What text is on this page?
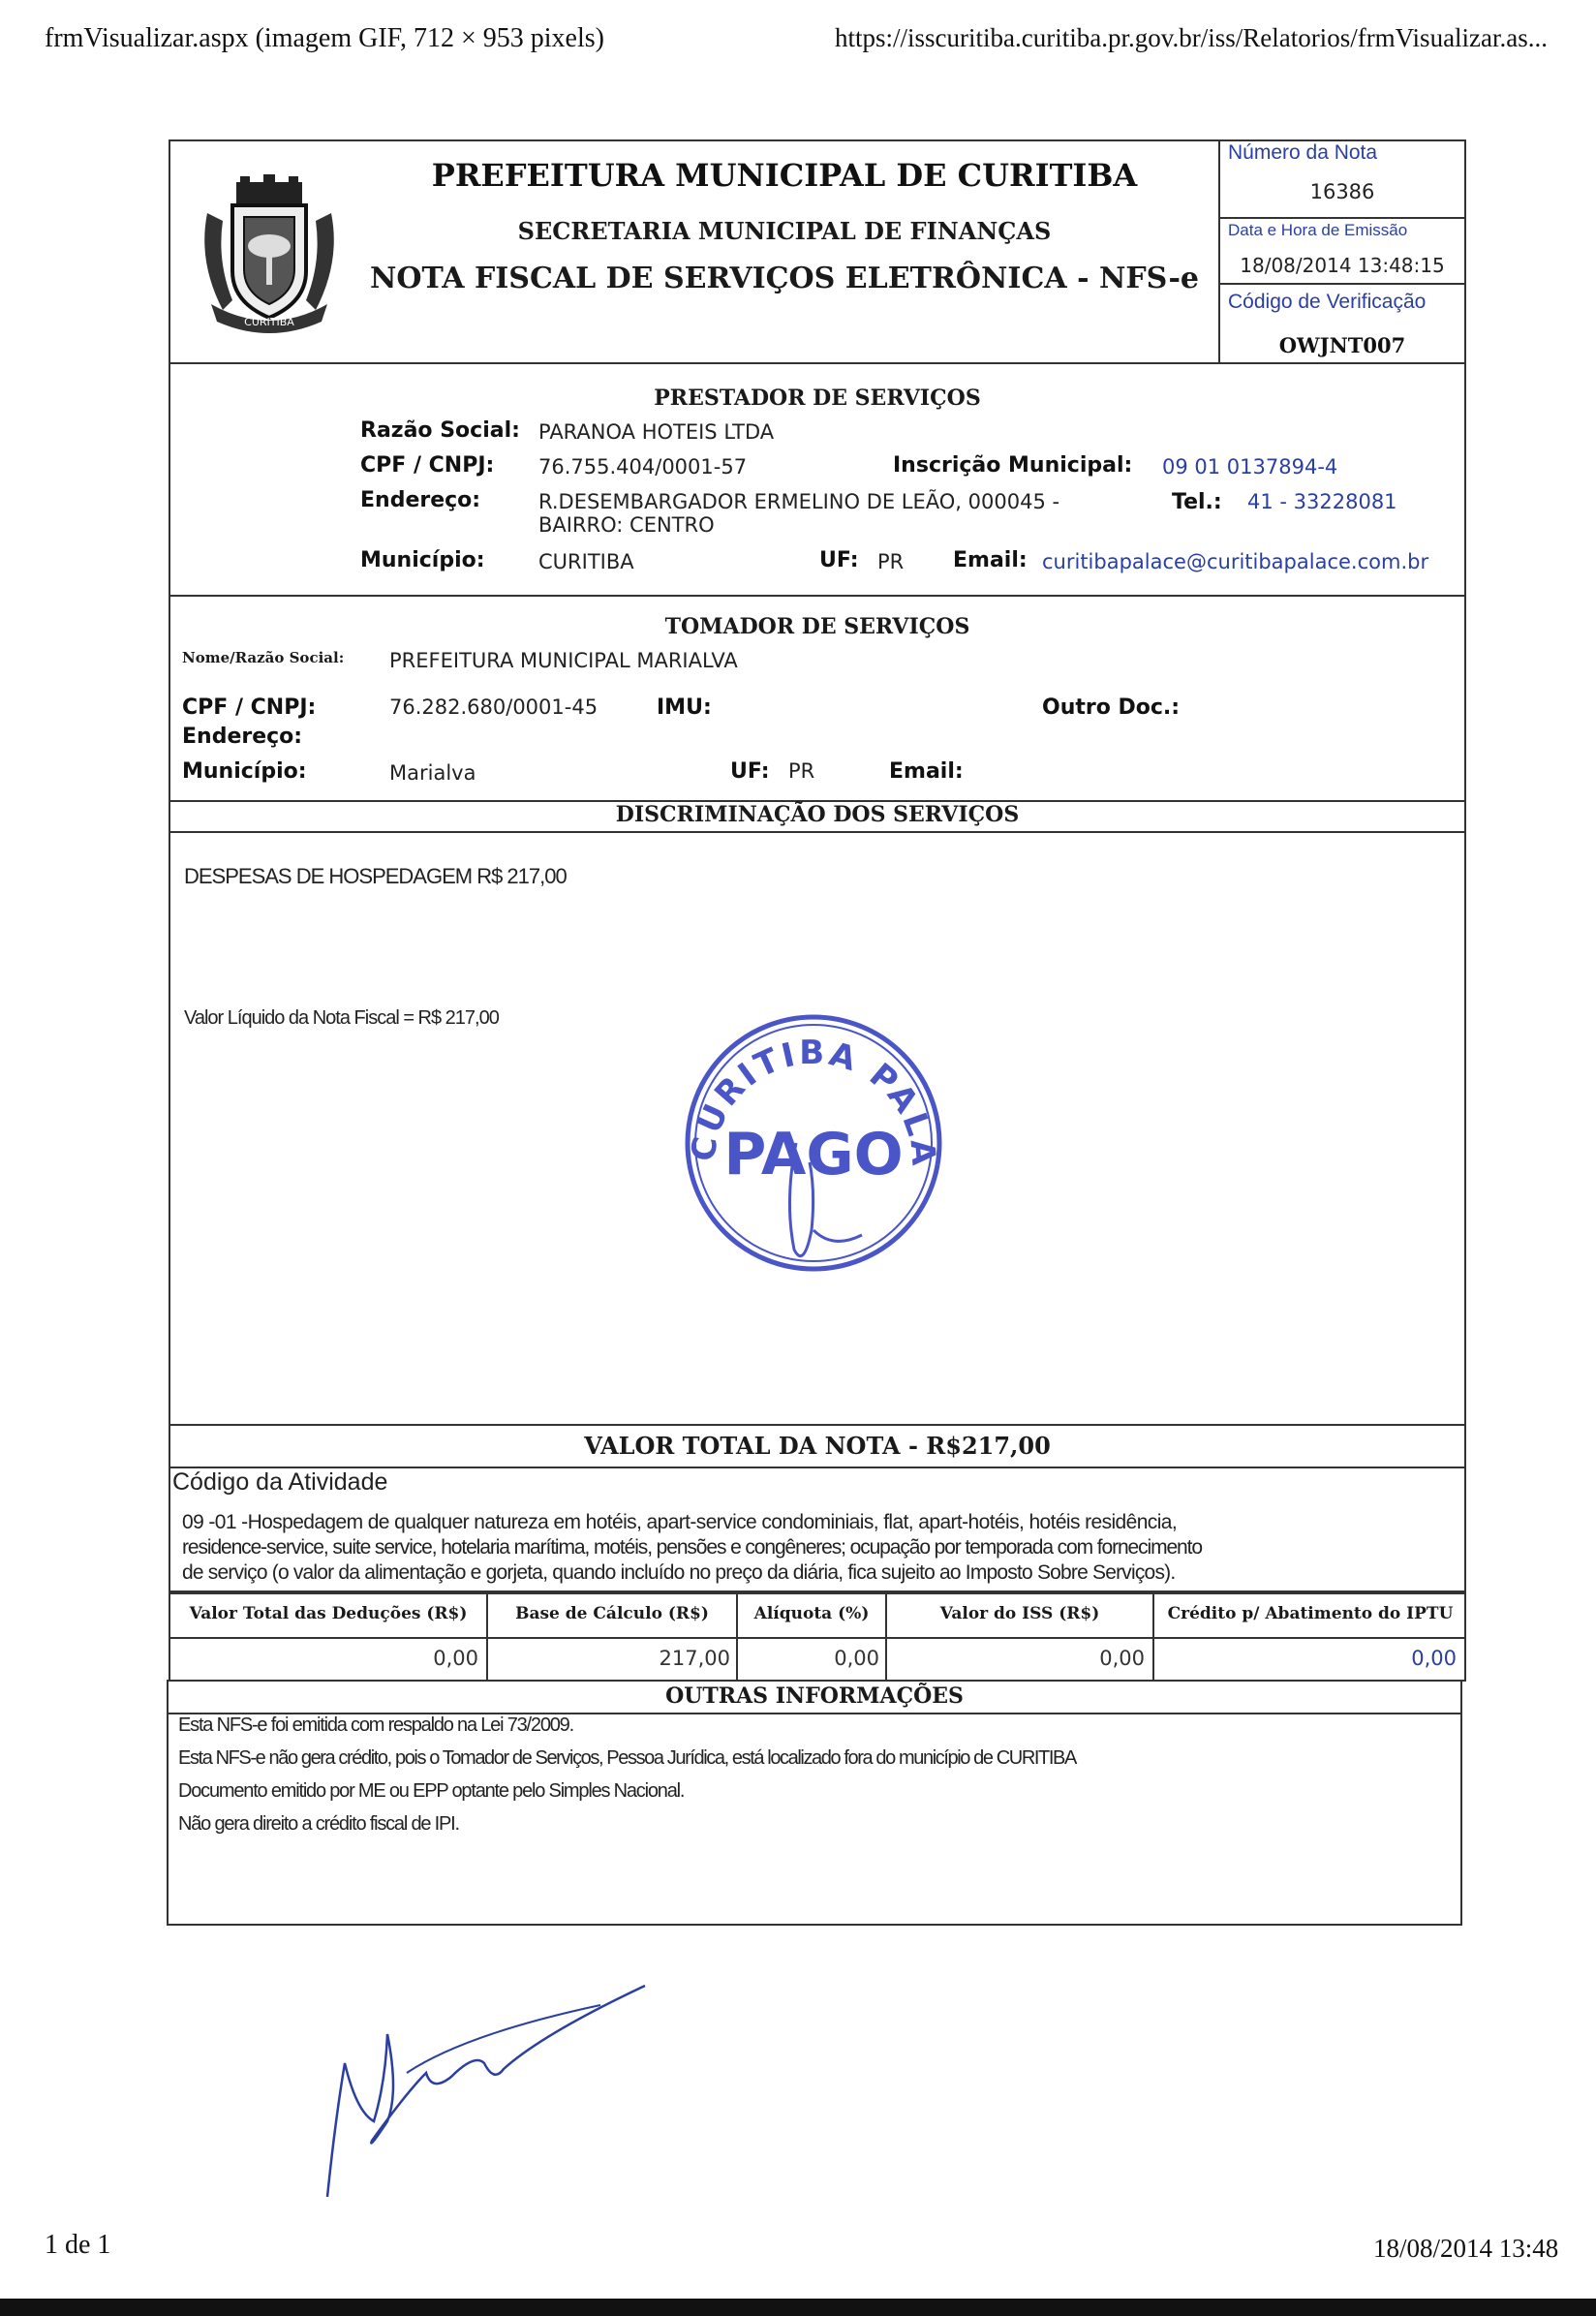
frmVisualizar.aspx (imagem GIF, 712 × 953 pixels)	https://isscuritiba.curitiba.pr.gov.br/iss/Relatorios/frmVisualizar.as...
CURITIBA
PREFEITURA MUNICIPAL DE CURITIBA
SECRETARIA MUNICIPAL DE FINANÇAS
NOTA FISCAL DE SERVIÇOS ELETRÔNICA - NFS-e
Número da Nota
16386
Data e Hora de Emissão
18/08/2014 13:48:15
Código de Verificação
OWJNT007
PRESTADOR DE SERVIÇOS
Razão Social: PARANOA HOTEIS LTDA
CPF / CNPJ: 76.755.404/0001-57	Inscrição Municipal: 09 01 0137894-4
Endereço:	R.DESEMBARGADOR ERMELINO DE LEÃO, 000045 -
BAIRRO: CENTRO
Tel.: 41 - 33228081
Município:	CURITIBA	UF: PR Email: curitibapalace@curitibapalace.com.br
TOMADOR DE SERVIÇOS
Nome/Razão Social: PREFEITURA MUNICIPAL MARIALVA
CPF / CNPJ:	76.282.680/0001-45	IMU:	Outro Doc.:
Endereço:
Município:	Marialva	UF: PR	Email:
DISCRIMINAÇÃO DOS SERVIÇOS
DESPESAS DE HOSPEDAGEM R$ 217,00
Valor Líquido da Nota Fiscal = R$ 217,00
CURITIBA PALA
PAGO
VALOR TOTAL DA NOTA - R$217,00
Código da Atividade
09 -01 -Hospedagem de qualquer natureza em hotéis, apart-service condominiais, flat, apart-hotéis, hotéis residência,
residence-service, suite service, hotelaria marítima, motéis, pensões e congêneres; ocupação por temporada com fornecimento
de serviço (o valor da alimentação e gorjeta, quando incluído no preço da diária, fica sujeito ao Imposto Sobre Serviços).
Valor Total das Deduções (R$)	Base de Cálculo (R$)	Alíquota (%)	Valor do ISS (R$)	Crédito p/ Abatimento do IPTU
0,00	217,00	0,00	0,00	0,00
OUTRAS INFORMAÇÕES
Esta NFS-e foi emitida com respaldo na Lei 73/2009.
Esta NFS-e não gera crédito, pois o Tomador de Serviços, Pessoa Jurídica, está localizado fora do município de CURITIBA
Documento emitido por ME ou EPP optante pelo Simples Nacional.
Não gera direito a crédito fiscal de IPI.
1 de 1	18/08/2014 13:48
